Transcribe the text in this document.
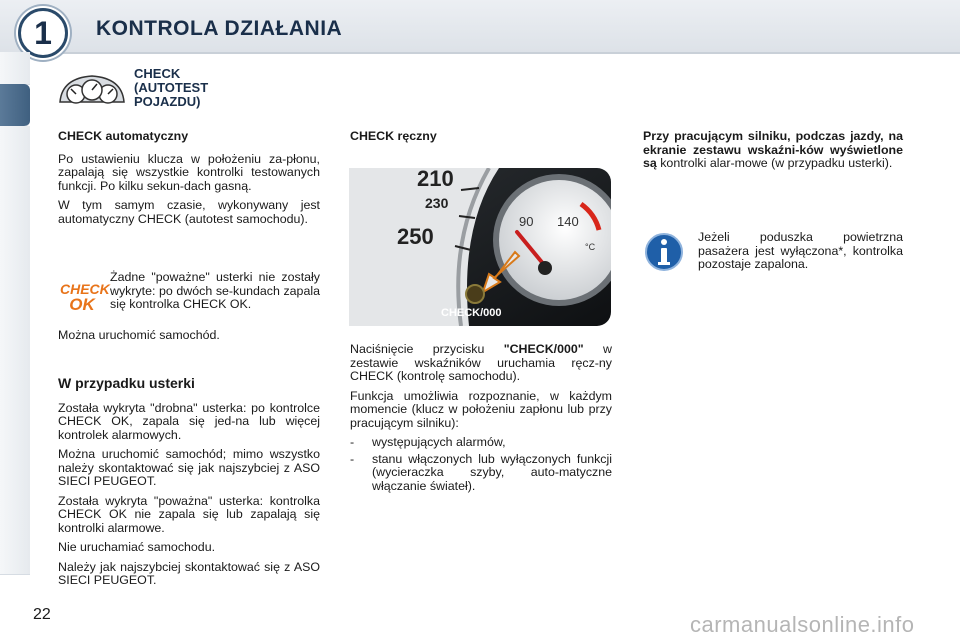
1	KONTROLA DZIAŁANIA
CHECK
(AUTOTEST
POJAZDU)

CHECK automatyczny

Po ustawieniu klucza w położeniu za-płonu, zapalają się wszystkie kontrolki testowanych funkcji. Po kilku sekun-dach gasną.

W tym samym czasie, wykonywany jest automatyczny CHECK (autotest samochodu).

CHECK
OK

Żadne "poważne" usterki nie zostały wykryte: po dwóch se-kundach zapala się kontrolka CHECK OK.

Można uruchomić samochód.

W przypadku usterki

Została wykryta "drobna" usterka: po kontrolce CHECK OK, zapala się jed-na lub więcej kontrolek alarmowych.

Można uruchomić samochód; mimo wszystko należy skontaktować się jak najszybciej z ASO SIECI PEUGEOT.

Została wykryta "poważna" usterka: kontrolka CHECK OK nie zapala się lub zapalają się kontrolki alarmowe.

Nie uruchamiać samochodu.

Należy jak najszybciej skontaktować się z ASO SIECI PEUGEOT.

CHECK ręczny

210
230
250
90 140
°C
CHECK/000

Naciśnięcie przycisku "CHECK/000" w zestawie wskaźników uruchamia ręcz-ny CHECK (kontrolę samochodu).

Funkcja umożliwia rozpoznanie, w każdym momencie (klucz w położeniu zapłonu lub przy pracującym silniku):

- występujących alarmów,
- stanu włączonych lub wyłączonych funkcji (wycieraczka szyby, auto-matyczne włączanie świateł).

Przy pracującym silniku, podczas jazdy, na ekranie zestawu wskaźni-ków wyświetlone są kontrolki alar-mowe (w przypadku usterki).

Jeżeli poduszka powietrzna pasażera jest wyłączona*, kontrolka pozostaje zapalona.

22	carmanualsonline.info
